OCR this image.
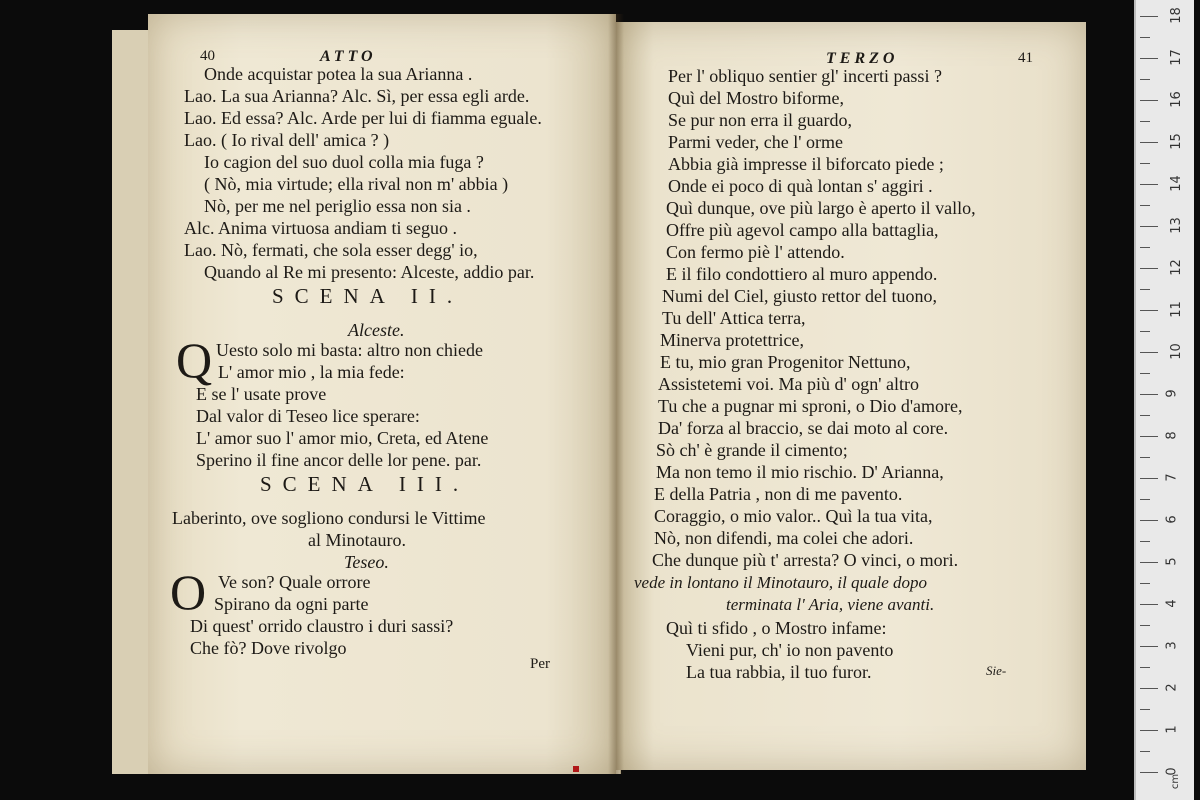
40	ATTO
Onde acquistar potea la sua Arianna .
Lao. La sua Arianna? Alc. Sì, per essa egli arde.
Lao. Ed essa? Alc. Arde per lui di fiamma eguale.
Lao. ( Io rival dell' amica ? )
Io cagion del suo duol colla mia fuga ?
( Nò, mia virtude; ella rival non m' abbia )
Nò, per me nel periglio essa non sia .
Alc. Anima virtuosa andiam ti seguo .
Lao. Nò, fermati, che sola esser degg' io,
Quando al Re mi presento: Alceste, addio par.
SCENA II.
Alceste.
Q Uesto solo mi basta: altro non chiede
L' amor mio , la mia fede:
E se l' usate prove
Dal valor di Teseo lice sperare:
L' amor suo l' amor mio, Creta, ed Atene
Sperino il fine ancor delle lor pene. par.
SCENA III.
Laberinto, ove sogliono condursi le Vittime
al Minotauro.
Teseo.
O Ve son? Quale orrore
Spirano da ogni parte
Di quest' orrido claustro i duri sassi?
Che fò? Dove rivolgo
Per
TERZO	41
Per l' obliquo sentier gl' incerti passi ?
Quì del Mostro biforme,
Se pur non erra il guardo,
Parmi veder, che l' orme
Abbia già impresse il biforcato piede ;
Onde ei poco di quà lontan s' aggiri .
Quì dunque, ove più largo è aperto il vallo,
Offre più agevol campo alla battaglia,
Con fermo piè l' attendo.
E il filo condottiero al muro appendo.
Numi del Ciel, giusto rettor del tuono,
Tu dell' Attica terra,
Minerva protettrice,
E tu, mio gran Progenitor Nettuno,
Assistetemi voi. Ma più d' ogn' altro
Tu che a pugnar mi sproni, o Dio d'amore,
Da' forza al braccio, se dai moto al core.
Sò ch' è grande il cimento;
Ma non temo il mio rischio. D' Arianna,
E della Patria , non di me pavento.
Coraggio, o mio valor.. Quì la tua vita,
Nò, non difendi, ma colei che adori.
Che dunque più t' arresta? O vinci, o mori.
vede in lontano il Minotauro, il quale dopo
terminata l' Aria, viene avanti.
Quì ti sfido , o Mostro infame:
Vieni pur, ch' io non pavento
La tua rabbia, il tuo furor.	Sie-
0
1
2
3
4
5
6
7
8
9
10
11
12
13
14
15
16
17
18
cm
